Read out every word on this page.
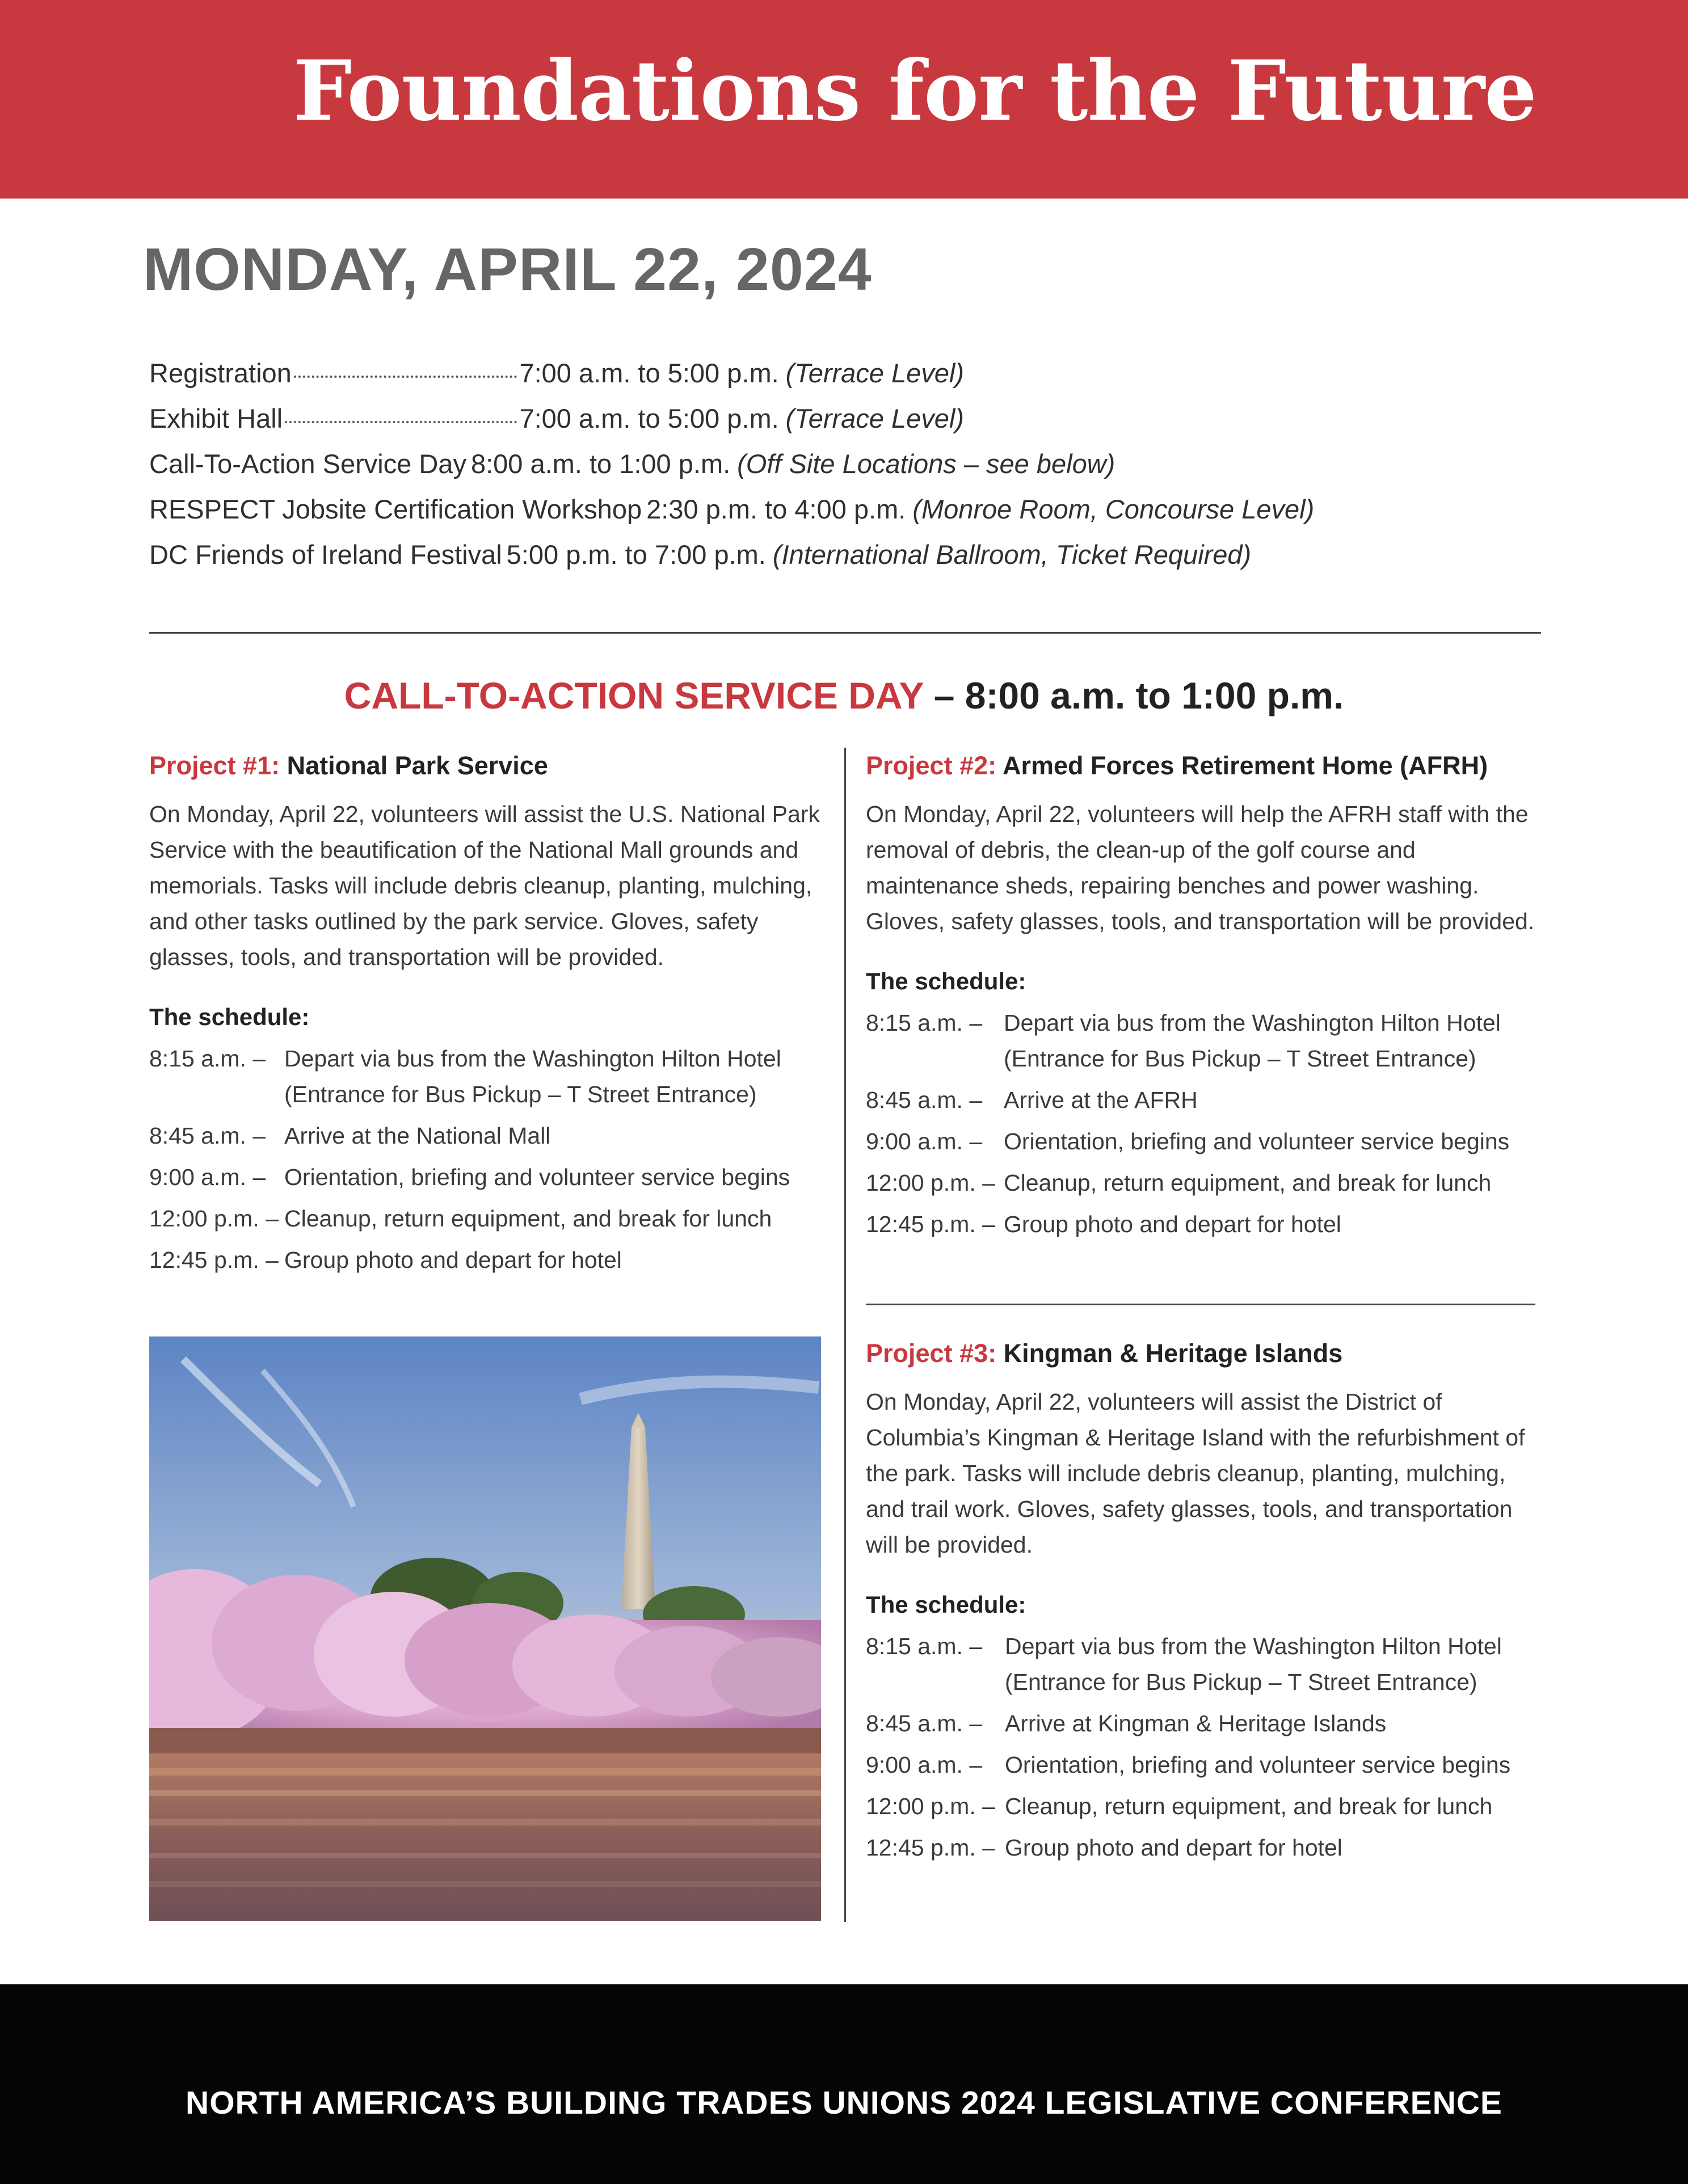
Foundations for the Future
MONDAY, APRIL 22, 2024
Registration	7:00 a.m. to 5:00 p.m. (Terrace Level)
Exhibit Hall	7:00 a.m. to 5:00 p.m. (Terrace Level)
Call-To-Action Service Day 8:00 a.m. to 1:00 p.m. (Off Site Locations – see below)
RESPECT Jobsite Certification Workshop 2:30 p.m. to 4:00 p.m. (Monroe Room, Concourse Level)
DC Friends of Ireland Festival 5:00 p.m. to 7:00 p.m. (International Ballroom, Ticket Required)
CALL-TO-ACTION SERVICE DAY – 8:00 a.m. to 1:00 p.m.

Project #1: National Park Service

On Monday, April 22, volunteers will assist the U.S. National Park Service with the beautification of the National Mall grounds and memorials. Tasks will include debris cleanup, planting, mulching, and other tasks outlined by the park service. Gloves, safety glasses, tools, and transportation will be provided.

The schedule:

8:15 a.m. – Depart via bus from the Washington Hilton Hotel (Entrance for Bus Pickup – T Street Entrance)
8:45 a.m. – Arrive at the National Mall
9:00 a.m. – Orientation, briefing and volunteer service begins
12:00 p.m. – Cleanup, return equipment, and break for lunch
12:45 p.m. – Group photo and depart for hotel

Project #2: Armed Forces Retirement Home (AFRH)

On Monday, April 22, volunteers will help the AFRH staff with the removal of debris, the clean-up of the golf course and maintenance sheds, repairing benches and power washing. Gloves, safety glasses, tools, and transportation will be provided.

The schedule:

8:15 a.m. – Depart via bus from the Washington Hilton Hotel (Entrance for Bus Pickup – T Street Entrance)
8:45 a.m. – Arrive at the AFRH
9:00 a.m. – Orientation, briefing and volunteer service begins
12:00 p.m. – Cleanup, return equipment, and break for lunch
12:45 p.m. – Group photo and depart for hotel

Project #3: Kingman & Heritage Islands

On Monday, April 22, volunteers will assist the District of Columbia’s Kingman & Heritage Island with the refurbishment of the park. Tasks will include debris cleanup, planting, mulching, and trail work. Gloves, safety glasses, tools, and transportation will be provided.

The schedule:

8:15 a.m. – Depart via bus from the Washington Hilton Hotel (Entrance for Bus Pickup – T Street Entrance)
8:45 a.m. – Arrive at Kingman & Heritage Islands
9:00 a.m. – Orientation, briefing and volunteer service begins
12:00 p.m. – Cleanup, return equipment, and break for lunch
12:45 p.m. – Group photo and depart for hotel

NORTH AMERICA’S BUILDING TRADES UNIONS 2024 LEGISLATIVE CONFERENCE
